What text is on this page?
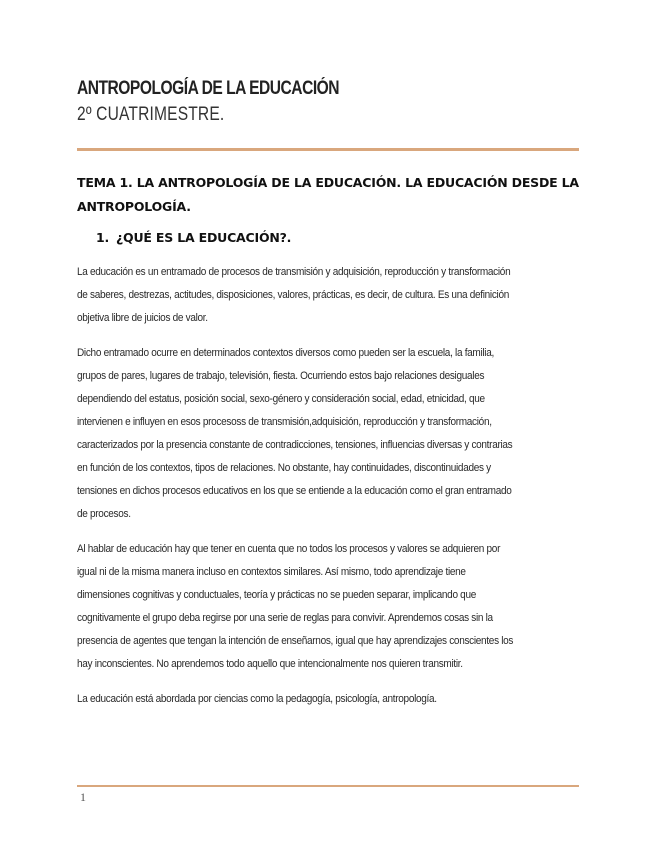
ANTROPOLOGÍA DE LA EDUCACIÓN
2º CUATRIMESTRE.
TEMA 1. LA ANTROPOLOGÍA DE LA EDUCACIÓN. LA EDUCACIÓN DESDE LA
ANTROPOLOGÍA.
1. ¿QUÉ ES LA EDUCACIÓN?.

La educación es un entramado de procesos de transmisión y adquisición, reproducción y transformación
de saberes, destrezas, actitudes, disposiciones, valores, prácticas, es decir, de cultura. Es una definición
objetiva libre de juicios de valor.

Dicho entramado ocurre en determinados contextos diversos como pueden ser la escuela, la familia,
grupos de pares, lugares de trabajo, televisión, fiesta. Ocurriendo estos bajo relaciones desiguales
dependiendo del estatus, posición social, sexo-género y consideración social, edad, etnicidad, que
intervienen e influyen en esos procesoss de transmisión,adquisición, reproducción y transformación,
caracterizados por la presencia constante de contradicciones, tensiones, influencias diversas y contrarias
en función de los contextos, tipos de relaciones. No obstante, hay continuidades, discontinuidades y
tensiones en dichos procesos educativos en los que se entiende a la educación como el gran entramado
de procesos.

Al hablar de educación hay que tener en cuenta que no todos los procesos y valores se adquieren por
igual ni de la misma manera incluso en contextos similares. Así mismo, todo aprendizaje tiene
dimensiones cognitivas y conductuales, teoría y prácticas no se pueden separar, implicando que
cognitivamente el grupo deba regirse por una serie de reglas para convivir. Aprendemos cosas sin la
presencia de agentes que tengan la intención de enseñarnos, igual que hay aprendizajes conscientes los
hay inconscientes. No aprendemos todo aquello que intencionalmente nos quieren transmitir.

La educación está abordada por ciencias como la pedagogía, psicología, antropología.

1
